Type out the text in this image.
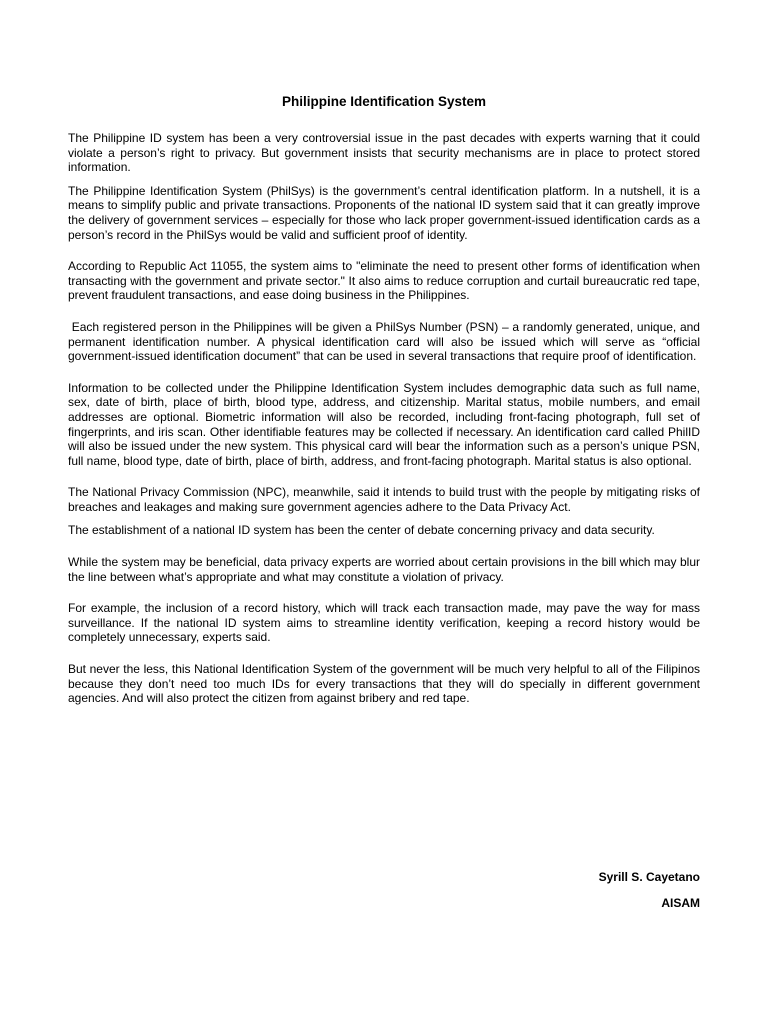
Philippine Identification System

The Philippine ID system has been a very controversial issue in the past decades with experts warning that it could violate a person’s right to privacy. But government insists that security mechanisms are in place to protect stored information.

The Philippine Identification System (PhilSys) is the government’s central identification platform. In a nutshell, it is a means to simplify public and private transactions. Proponents of the national ID system said that it can greatly improve the delivery of government services – especially for those who lack proper government-issued identification cards as a person’s record in the PhilSys would be valid and sufficient proof of identity.

According to Republic Act 11055, the system aims to "eliminate the need to present other forms of identification when transacting with the government and private sector." It also aims to reduce corruption and curtail bureaucratic red tape, prevent fraudulent transactions, and ease doing business in the Philippines.

Each registered person in the Philippines will be given a PhilSys Number (PSN) – a randomly generated, unique, and permanent identification number. A physical identification card will also be issued which will serve as “official government-issued identification document” that can be used in several transactions that require proof of identification.

Information to be collected under the Philippine Identification System includes demographic data such as full name, sex, date of birth, place of birth, blood type, address, and citizenship. Marital status, mobile numbers, and email addresses are optional. Biometric information will also be recorded, including front-facing photograph, full set of fingerprints, and iris scan. Other identifiable features may be collected if necessary. An identification card called PhilID will also be issued under the new system. This physical card will bear the information such as a person’s unique PSN, full name, blood type, date of birth, place of birth, address, and front-facing photograph. Marital status is also optional.

The National Privacy Commission (NPC), meanwhile, said it intends to build trust with the people by mitigating risks of breaches and leakages and making sure government agencies adhere to the Data Privacy Act.

The establishment of a national ID system has been the center of debate concerning privacy and data security.

While the system may be beneficial, data privacy experts are worried about certain provisions in the bill which may blur the line between what’s appropriate and what may constitute a violation of privacy.

For example, the inclusion of a record history, which will track each transaction made, may pave the way for mass surveillance. If the national ID system aims to streamline identity verification, keeping a record history would be completely unnecessary, experts said.

But never the less, this National Identification System of the government will be much very helpful to all of the Filipinos because they don’t need too much IDs for every transactions that they will do specially in different government agencies. And will also protect the citizen from against bribery and red tape.

Syrill S. Cayetano

AISAM
